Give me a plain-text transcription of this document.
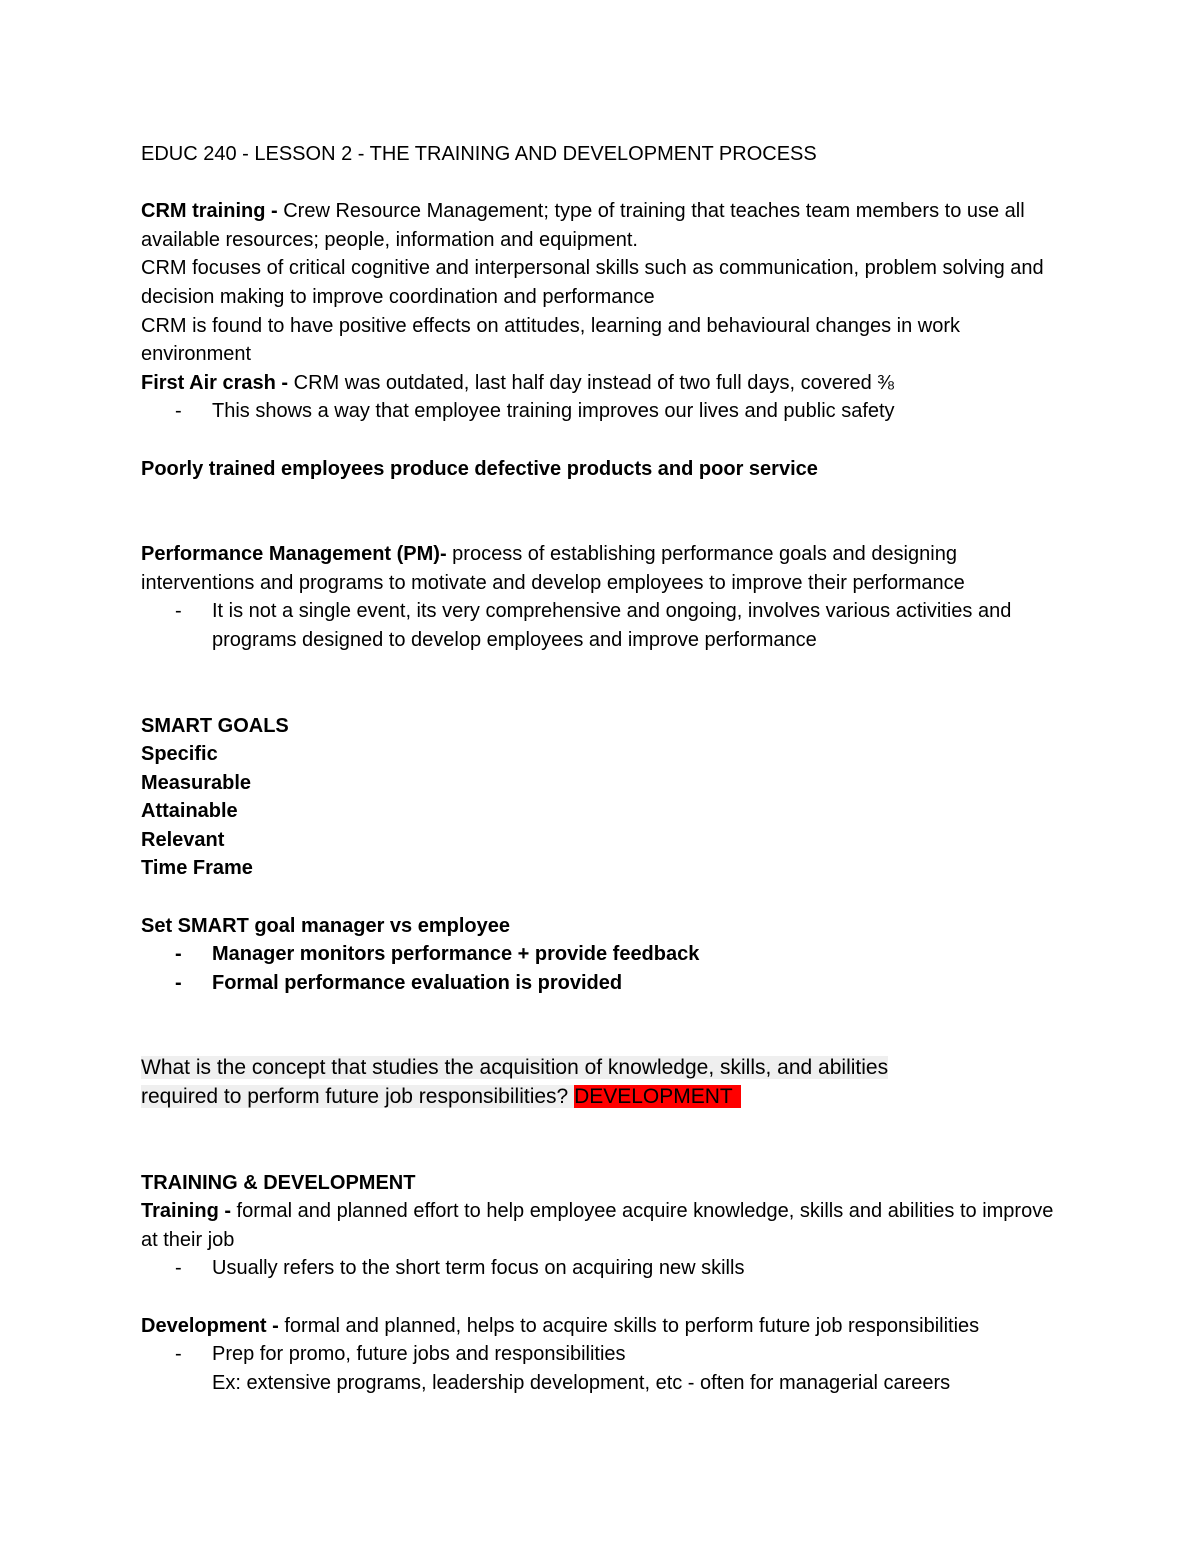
EDUC 240 - LESSON 2 - THE TRAINING AND DEVELOPMENT PROCESS

CRM training - Crew Resource Management; type of training that teaches team members to use all available resources; people, information and equipment.

CRM focuses of critical cognitive and interpersonal skills such as communication, problem solving and decision making to improve coordination and performance

CRM is found to have positive effects on attitudes, learning and behavioural changes in work environment

First Air crash - CRM was outdated, last half day instead of two full days, covered ⅜

- This shows a way that employee training improves our lives and public safety

Poorly trained employees produce defective products and poor service

Performance Management (PM)- process of establishing performance goals and designing interventions and programs to motivate and develop employees to improve their performance

- It is not a single event, its very comprehensive and ongoing, involves various activities and programs designed to develop employees and improve performance

SMART GOALS

Specific

Measurable

Attainable

Relevant

Time Frame

Set SMART goal manager vs employee

- Manager monitors performance + provide feedback

- Formal performance evaluation is provided

What is the concept that studies the acquisition of knowledge, skills, and abilities
required to perform future job responsibilities? DEVELOPMENT

TRAINING & DEVELOPMENT

Training - formal and planned effort to help employee acquire knowledge, skills and abilities to improve at their job

- Usually refers to the short term focus on acquiring new skills

Development - formal and planned, helps to acquire skills to perform future job responsibilities

- Prep for promo, future jobs and responsibilities

Ex: extensive programs, leadership development, etc - often for managerial careers
